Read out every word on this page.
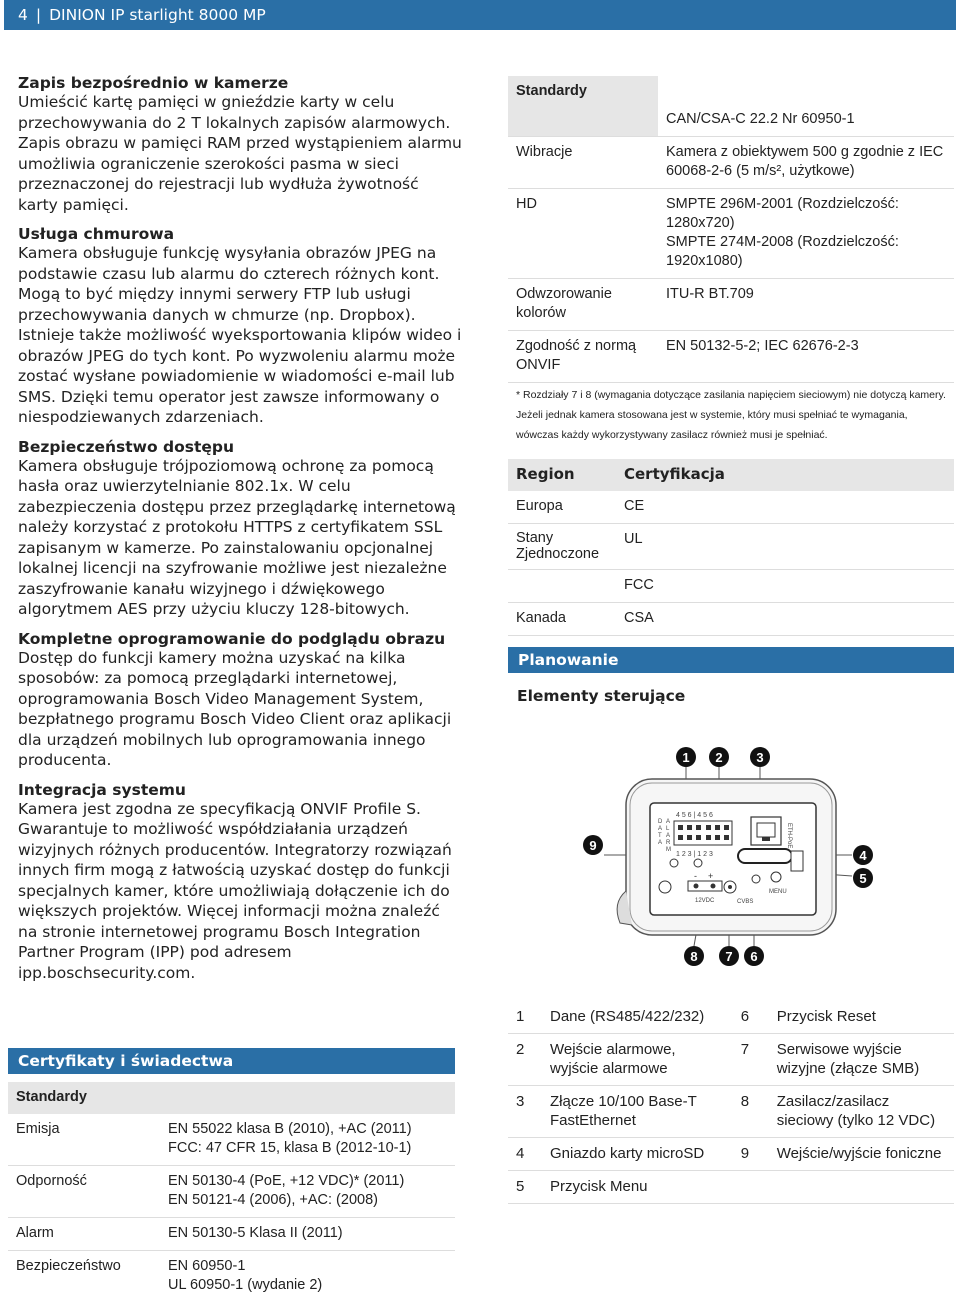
4 | DINION IP starlight 8000 MP
Zapis bezpośrednio w kamerze

Umieścić kartę pamięci w gnieździe karty w celu przechowywania do 2 T lokalnych zapisów alarmowych. Zapis obrazu w pamięci RAM przed wystąpieniem alarmu umożliwia ograniczenie szerokości pasma w sieci przeznaczonej do rejestracji lub wydłuża żywotność karty pamięci.

Usługa chmurowa

Kamera obsługuje funkcję wysyłania obrazów JPEG na podstawie czasu lub alarmu do czterech różnych kont. Mogą to być między innymi serwery FTP lub usługi przechowywania danych w chmurze (np. Dropbox). Istnieje także możliwość wyeksportowania klipów wideo i obrazów JPEG do tych kont. Po wyzwoleniu alarmu może zostać wysłane powiadomienie w wiadomości e-mail lub SMS. Dzięki temu operator jest zawsze informowany o niespodziewanych zdarzeniach.

Bezpieczeństwo dostępu

Kamera obsługuje trójpoziomową ochronę za pomocą hasła oraz uwierzytelnianie 802.1x. W celu zabezpieczenia dostępu przez przeglądarkę internetową należy korzystać z protokołu HTTPS z certyfikatem SSL zapisanym w kamerze. Po zainstalowaniu opcjonalnej lokalnej licencji na szyfrowanie możliwe jest niezależne zaszyfrowanie kanału wizyjnego i dźwiękowego algorytmem AES przy użyciu kluczy 128-bitowych.

Kompletne oprogramowanie do podglądu obrazu

Dostęp do funkcji kamery można uzyskać na kilka sposobów: za pomocą przeglądarki internetowej, oprogramowania Bosch Video Management System, bezpłatnego programu Bosch Video Client oraz aplikacji dla urządzeń mobilnych lub oprogramowania innego producenta.

Integracja systemu

Kamera jest zgodna ze specyfikacją ONVIF Profile S. Gwarantuje to możliwość współdziałania urządzeń wizyjnych różnych producentów. Integratorzy rozwiązań innych firm mogą z łatwością uzyskać dostęp do funkcji specjalnych kamer, które umożliwiają dołączenie ich do większych projektów. Więcej informacji można znaleźć na stronie internetowej programu Bosch Integration Partner Program (IPP) pod adresem ipp.boschsecurity.com.

Certyfikaty i świadectwa
Standardy	
Emisja	EN 55022 klasa B (2010), +AC (2011)
FCC: 47 CFR 15, klasa B (2012-10-1)

Odporność	EN 50130-4 (PoE, +12 VDC)* (2011)
EN 50121-4 (2006), +AC: (2008)

Alarm	EN 50130-5 Klasa II (2011)

Bezpieczeństwo	EN 60950-1
UL 60950-1 (wydanie 2)
Standardy	
	CAN/CSA-C 22.2 Nr 60950-1
Wibracje	Kamera z obiektywem 500 g zgodnie z IEC 60068-2-6 (5 m/s², użytkowe)
HD	SMPTE 296M-2001 (Rozdzielczość: 1280x720)
SMPTE 274M-2008 (Rozdzielczość: 1920x1080)

Odwzorowanie kolorów	ITU-R BT.709
Zgodność z normą ONVIF	EN 50132-5-2; IEC 62676-2-3
* Rozdziały 7 i 8 (wymagania dotyczące zasilania napięciem sieciowym) nie dotyczą kamery.
Jeżeli jednak kamera stosowana jest w systemie, który musi spełniać te wymagania,
wówczas każdy wykorzystywany zasilacz również musi je spełniać.
Region	Certyfikacja
Europa	CE
Stany Zjednoczone	UL
	FCC
Kanada	CSA
Planowanie
Elementy sterujące
D
A
T
A
A
L
A
R
M
4 5 6 | 4 5 6
1 2 3 | 1 2 3
ETH-PoE
- +
12VDC	CVBS
MENU
1 2	3
4
5
6
7
8
9
1	Dane (RS485/422/232)	6	Przycisk Reset
2	Wejście alarmowe, wyjście alarmowe	7	Serwisowe wyjście wizyjne (złącze SMB)
3	Złącze 10/100 Base-T FastEthernet	8	Zasilacz/zasilacz sieciowy (tylko 12 VDC)
4	Gniazdo karty microSD	9	Wejście/wyjście foniczne
5	Przycisk Menu		
